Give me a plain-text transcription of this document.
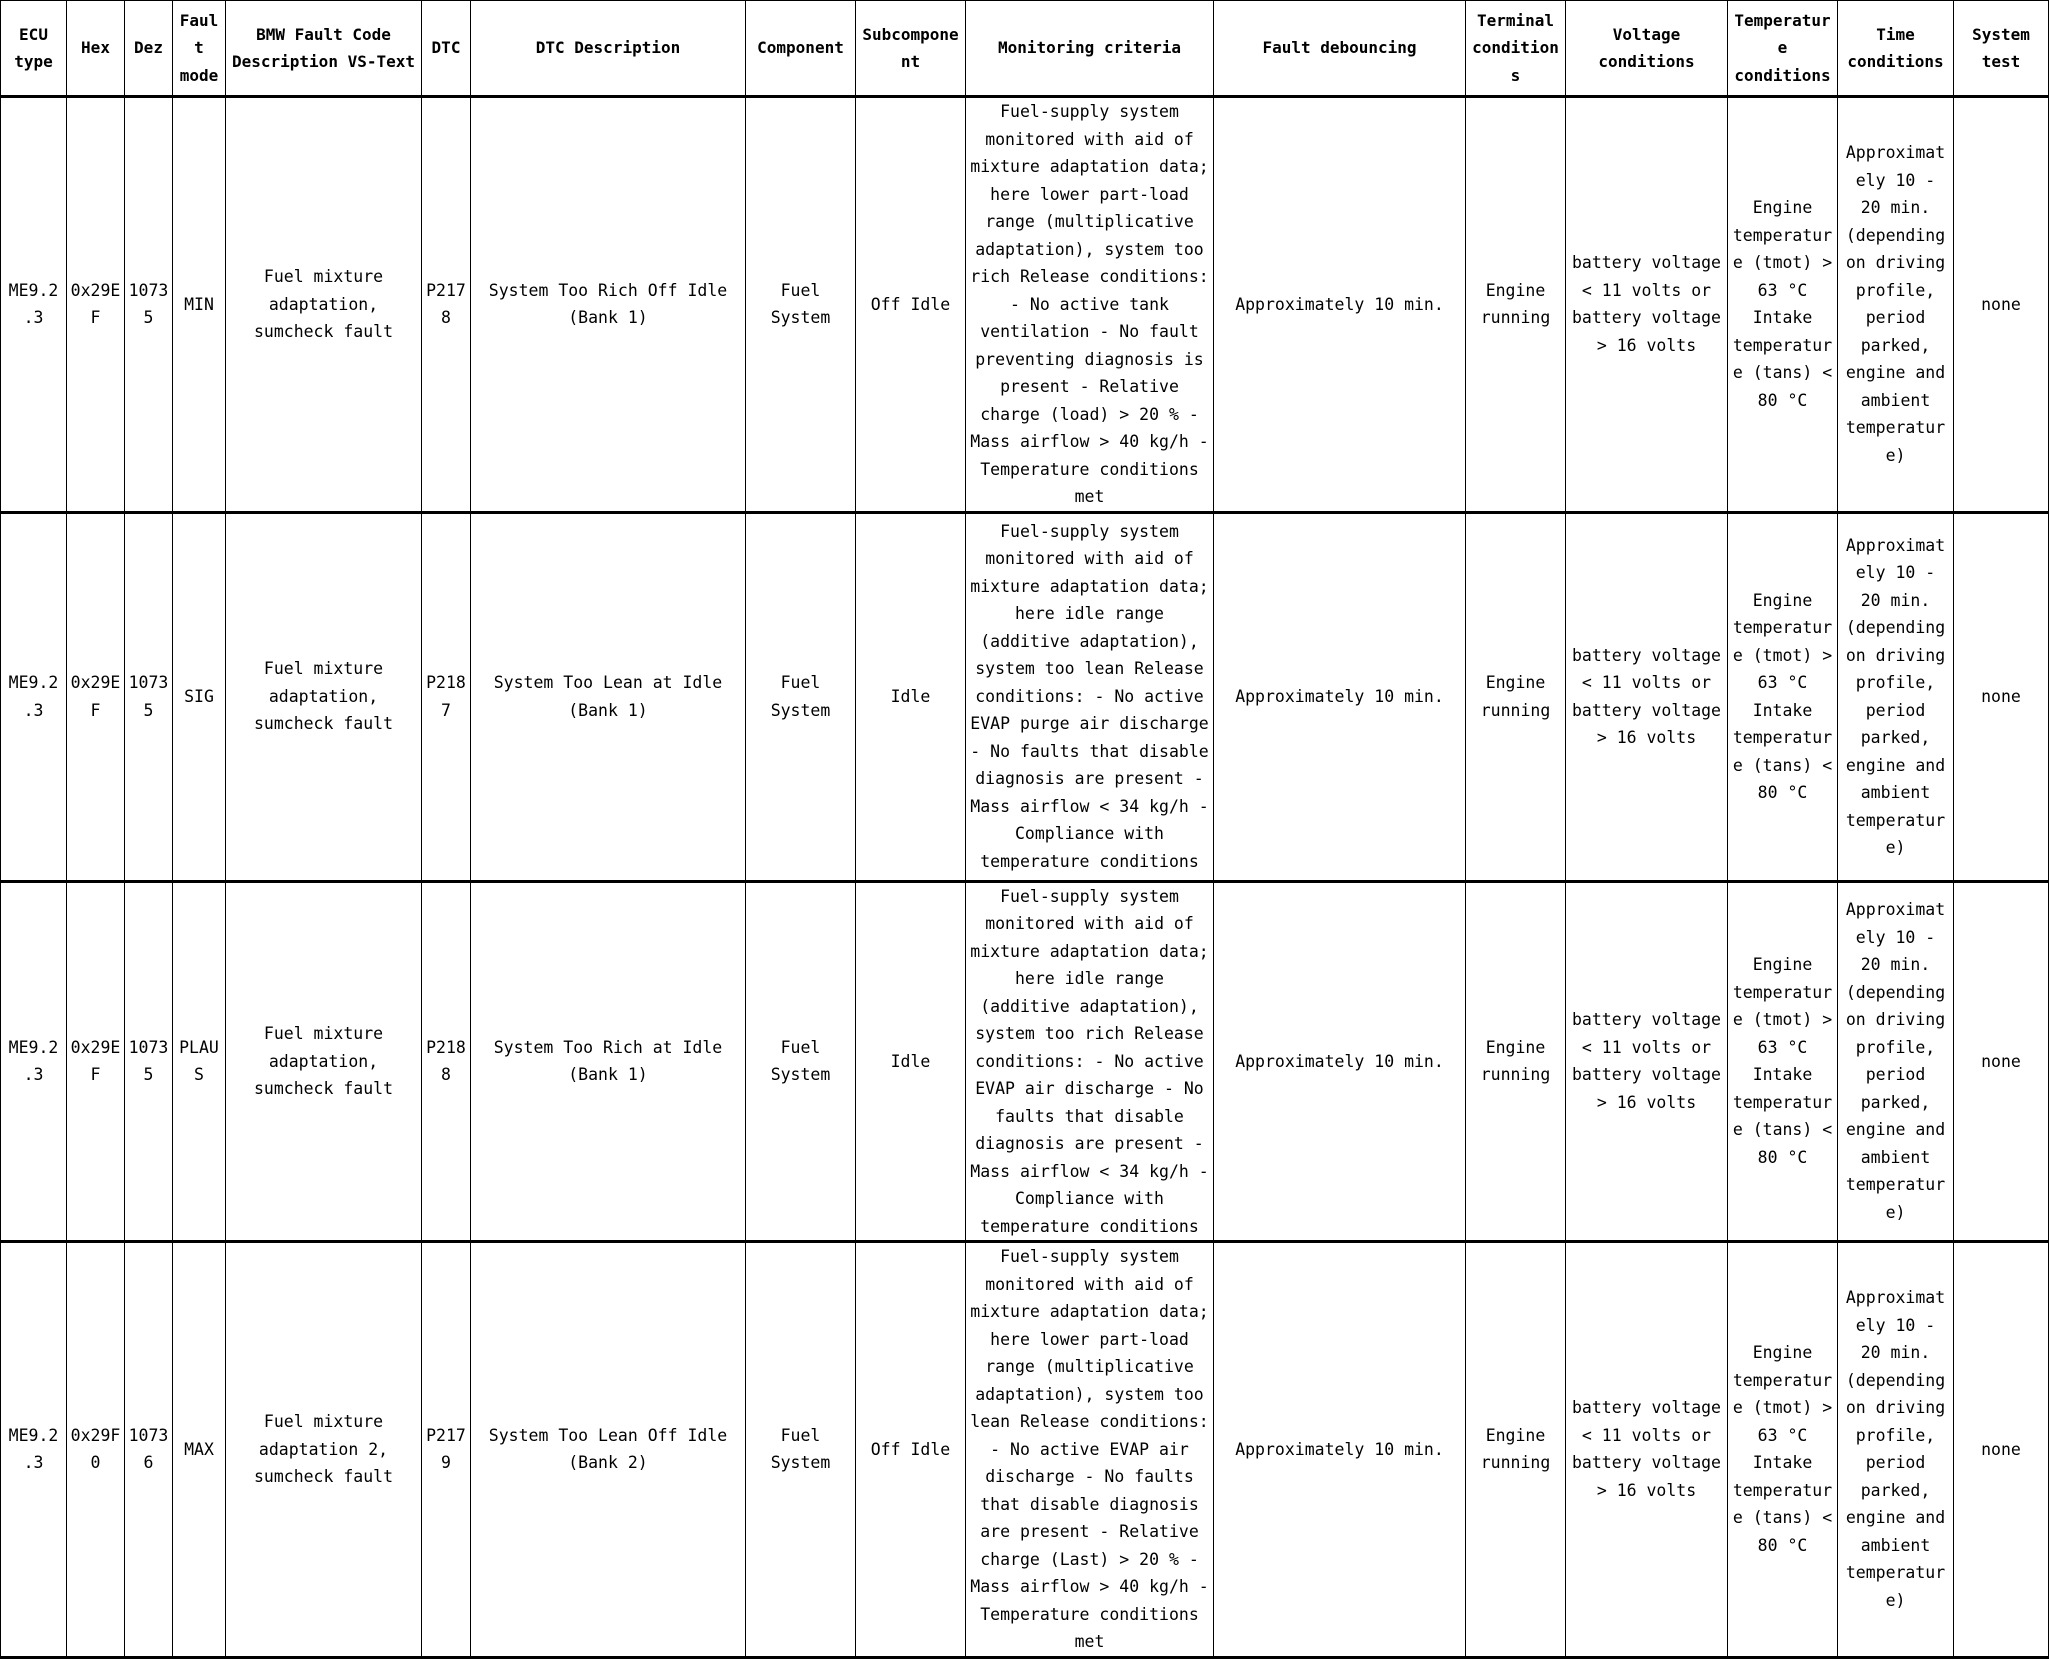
ECU type	Hex	Dez	Fault mode	BMW Fault Code Description VS-Text	DTC	DTC Description	Component	Subcomponent	Monitoring criteria	Fault debouncing	Terminal conditions	Voltage conditions	Temperature conditions	Time conditions	System test
ME9.2.3	0x29EF	10735	MIN	Fuel mixture adaptation, sumcheck fault	P2178	System Too Rich Off Idle (Bank 1)	Fuel System	Off Idle	Fuel-supply system monitored with aid of mixture adaptation data; here lower part-load range (multiplicative adaptation), system too rich Release conditions: - No active tank ventilation - No fault preventing diagnosis is present - Relative charge (load) > 20 % - Mass airflow > 40 kg/h - Temperature conditions met	Approximately 10 min.	Engine running	battery voltage < 11 volts or battery voltage > 16 volts	Engine temperature (tmot) > 63 °C Intake temperature (tans) < 80 °C	Approximately 10 - 20 min. (depending on driving profile, period parked, engine and ambient temperature)	none
ME9.2.3	0x29EF	10735	SIG	Fuel mixture adaptation, sumcheck fault	P2187	System Too Lean at Idle (Bank 1)	Fuel System	Idle	Fuel-supply system monitored with aid of mixture adaptation data; here idle range (additive adaptation), system too lean Release conditions: - No active EVAP purge air discharge - No faults that disable diagnosis are present - Mass airflow < 34 kg/h - Compliance with temperature conditions	Approximately 10 min.	Engine running	battery voltage < 11 volts or battery voltage > 16 volts	Engine temperature (tmot) > 63 °C Intake temperature (tans) < 80 °C	Approximately 10 - 20 min. (depending on driving profile, period parked, engine and ambient temperature)	none
ME9.2.3	0x29EF	10735	PLAUS	Fuel mixture adaptation, sumcheck fault	P2188	System Too Rich at Idle (Bank 1)	Fuel System	Idle	Fuel-supply system monitored with aid of mixture adaptation data; here idle range (additive adaptation), system too rich Release conditions: - No active EVAP air discharge - No faults that disable diagnosis are present - Mass airflow < 34 kg/h - Compliance with temperature conditions	Approximately 10 min.	Engine running	battery voltage < 11 volts or battery voltage > 16 volts	Engine temperature (tmot) > 63 °C Intake temperature (tans) < 80 °C	Approximately 10 - 20 min. (depending on driving profile, period parked, engine and ambient temperature)	none
ME9.2.3	0x29F0	10736	MAX	Fuel mixture adaptation 2, sumcheck fault	P2179	System Too Lean Off Idle (Bank 2)	Fuel System	Off Idle	Fuel-supply system monitored with aid of mixture adaptation data; here lower part-load range (multiplicative adaptation), system too lean Release conditions: - No active EVAP air discharge - No faults that disable diagnosis are present - Relative charge (Last) > 20 % - Mass airflow > 40 kg/h - Temperature conditions met	Approximately 10 min.	Engine running	battery voltage < 11 volts or battery voltage > 16 volts	Engine temperature (tmot) > 63 °C Intake temperature (tans) < 80 °C	Approximately 10 - 20 min. (depending on driving profile, period parked, engine and ambient temperature)	none
